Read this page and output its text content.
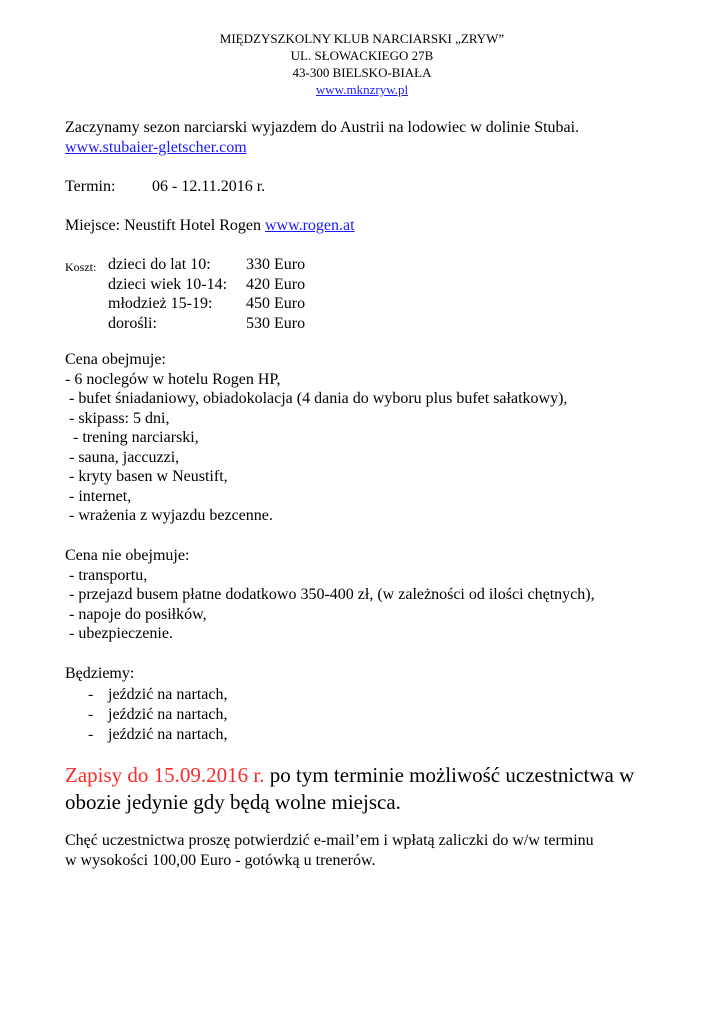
MIĘDZYSZKOLNY KLUB NARCIARSKI „ZRYW”
UL. SŁOWACKIEGO 27B
43-300 BIELSKO-BIAŁA
www.mknzryw.pl
Zaczynamy sezon narciarski wyjazdem do Austrii na lodowiec w dolinie Stubai.
www.stubaier-gletscher.com
Termin: 06 - 12.11.2016 r.
Miejsce: Neustift Hotel Rogen www.rogen.at
Koszt: dzieci do lat 10: 330 Euro
dzieci wiek 10-14: 420 Euro
młodzież 15-19: 450 Euro
dorośli:	530 Euro
Cena obejmuje:
- 6 noclegów w hotelu Rogen HP,
- bufet śniadaniowy, obiadokolacja (4 dania do wyboru plus bufet sałatkowy),
- skipass: 5 dni,
- trening narciarski,
- sauna, jaccuzzi,
- kryty basen w Neustift,
- internet,
- wrażenia z wyjazdu bezcenne.
Cena nie obejmuje:
- transportu,
- przejazd busem płatne dodatkowo 350-400 zł, (w zależności od ilości chętnych),
- napoje do posiłków,
- ubezpieczenie.
Będziemy:
- jeździć na nartach,
- jeździć na nartach,
- jeździć na nartach,
Zapisy do 15.09.2016 r. po tym terminie możliwość uczestnictwa w obozie jedynie gdy będą wolne miejsca.
Chęć uczestnictwa proszę potwierdzić e-mail’em i wpłatą zaliczki do w/w terminu
w wysokości 100,00 Euro - gotówką u trenerów.
